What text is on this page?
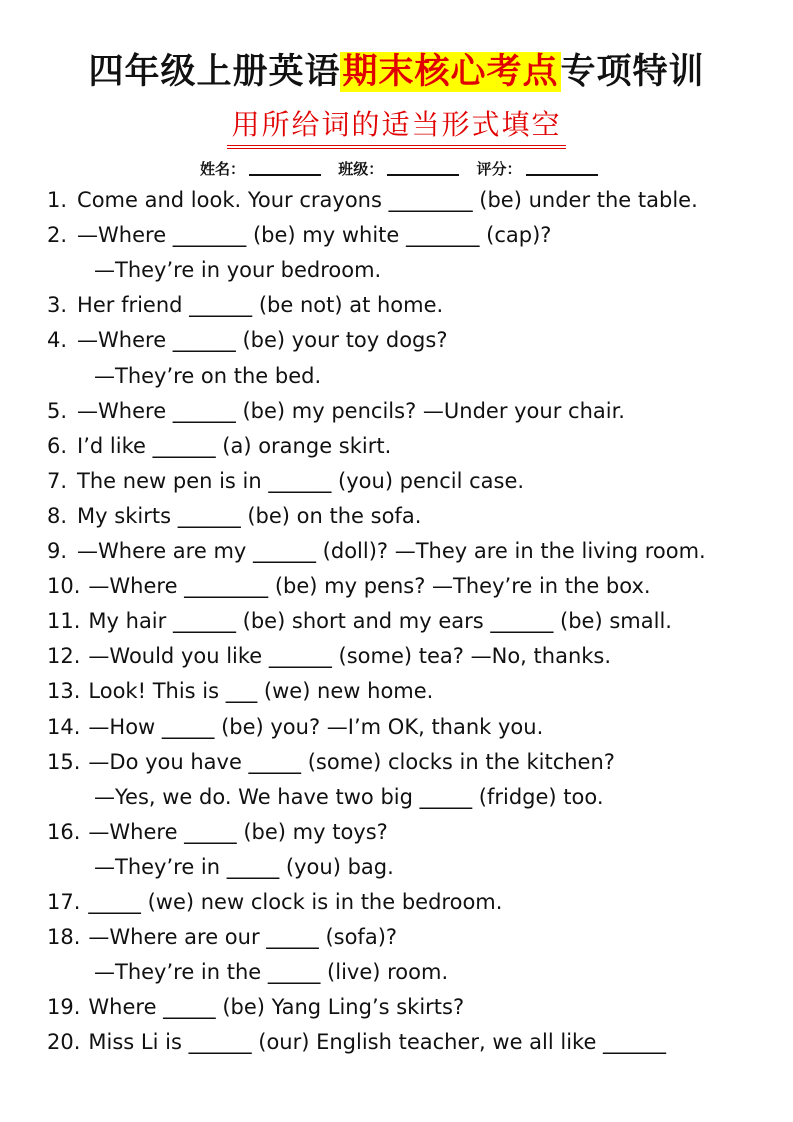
四年级上册英语期末核心考点专项特训
用所给词的适当形式填空
姓名：	班级：	评分：
1. Come and look. Your crayons ________ (be) under the table.
2. —Where _______ (be) my white _______ (cap)?
—They’re in your bedroom.
3. Her friend ______ (be not) at home.
4. —Where ______ (be) your toy dogs?
—They’re on the bed.
5. —Where ______ (be) my pencils? —Under your chair.
6. I’d like ______ (a) orange skirt.
7. The new pen is in ______ (you) pencil case.
8. My skirts ______ (be) on the sofa.
9. —Where are my ______ (doll)? —They are in the living room.
10. —Where ________ (be) my pens? —They’re in the box.
11. My hair ______ (be) short and my ears ______ (be) small.
12. —Would you like ______ (some) tea? —No, thanks.
13. Look! This is ___ (we) new home.
14. —How _____ (be) you? —I’m OK, thank you.
15. —Do you have _____ (some) clocks in the kitchen?
—Yes, we do. We have two big _____ (fridge) too.
16. —Where _____ (be) my toys?
—They’re in _____ (you) bag.
17. _____ (we) new clock is in the bedroom.
18. —Where are our _____ (sofa)?
—They’re in the _____ (live) room.
19. Where _____ (be) Yang Ling’s skirts?
20. Miss Li is ______ (our) English teacher, we all like ______
